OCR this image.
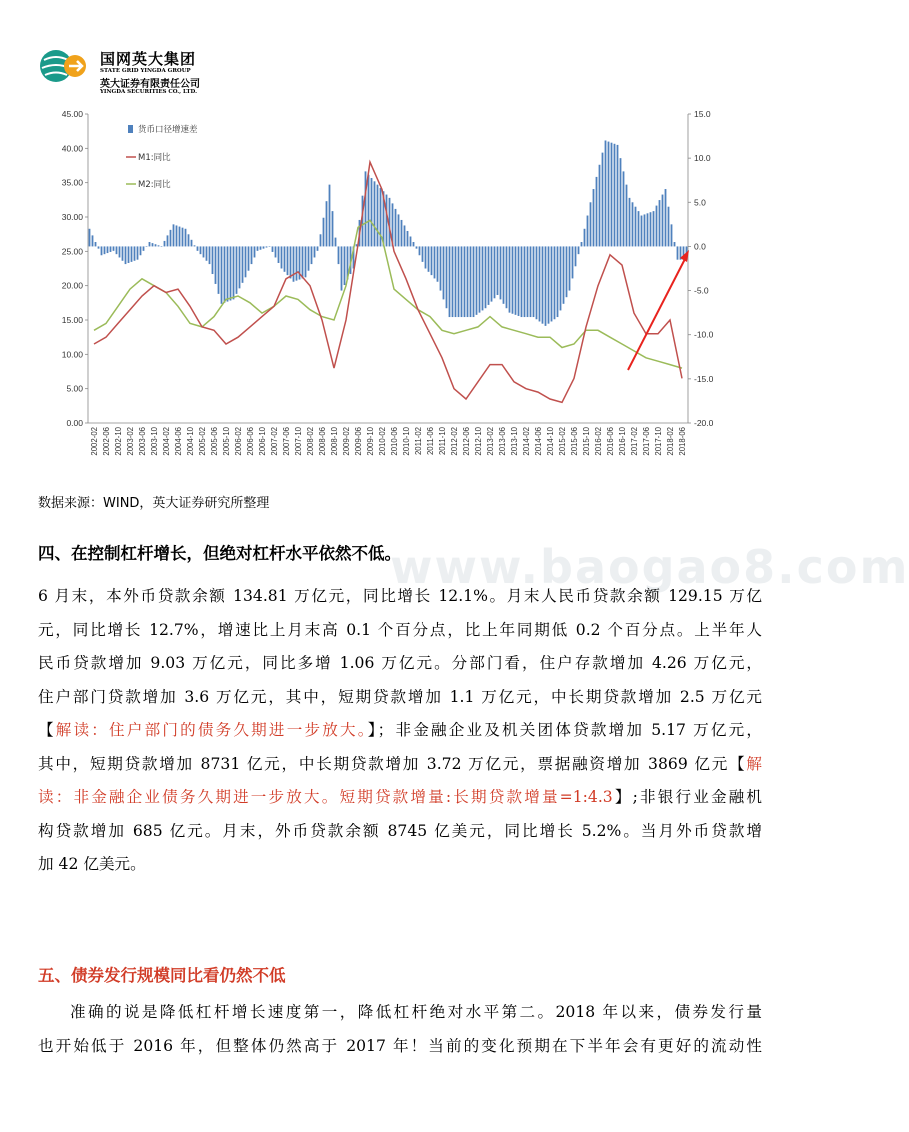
国网英大集团
STATE GRID YINGDA GROUP
英大证券有限责任公司
YINGDA SECURITIES CO., LTD.
0.00
5.00
10.00
15.00
20.00
25.00
30.00
35.00
40.00
45.00
-20.0
-15.0
-10.0
-5.0
0.0
5.0
10.0
15.0
2002-02 2002-06 2002-10 2003-02 2003-06 2003-10 2004-02 2004-06 2004-10 2005-02 2005-06 2005-10 2006-02 2006-06 2006-10 2007-02 2007-06 2007-10 2008-02 2008-06 2008-10 2009-02 2009-06 2009-10 2010-02 2010-06 2010-10 2011-02 2011-06 2011-10 2012-02 2012-06 2012-10 2013-02 2013-06 2013-10 2014-02 2014-06 2014-10 2015-02 2015-06 2015-10 2016-02 2016-06 2016-10 2017-02 2017-06 2017-10 2018-02 2018-06
货币口径增速差
M1:同比
M2:同比
数据来源：WIND，英大证券研究所整理
www.baogao8.com
四、在控制杠杆增长，但绝对杠杆水平依然不低。
6 月末，本外币贷款余额 134.81 万亿元，同比增长 12.1%。月末人民币贷款余额 129.15 万亿
元，同比增长 12.7%，增速比上月末高 0.1 个百分点，比上年同期低 0.2 个百分点。上半年人
民币贷款增加 9.03 万亿元，同比多增 1.06 万亿元。分部门看，住户存款增加 4.26 万亿元，
住户部门贷款增加 3.6 万亿元，其中，短期贷款增加 1.1 万亿元，中长期贷款增加 2.5 万亿元
【解读：住户部门的债务久期进一步放大。】；非金融企业及机关团体贷款增加 5.17 万亿元，
其中，短期贷款增加 8731 亿元，中长期贷款增加 3.72 万亿元，票据融资增加 3869 亿元【解
读：非金融企业债务久期进一步放大。短期贷款增量:长期贷款增量=1:4.3】;非银行业金融机
构贷款增加 685 亿元。月末，外币贷款余额 8745 亿美元，同比增长 5.2%。当月外币贷款增
加 42 亿美元。
五、债券发行规模同比看仍然不低
准确的说是降低杠杆增长速度第一，降低杠杆绝对水平第二。2018 年以来，债券发行量
也开始低于 2016 年，但整体仍然高于 2017 年！当前的变化预期在下半年会有更好的流动性
